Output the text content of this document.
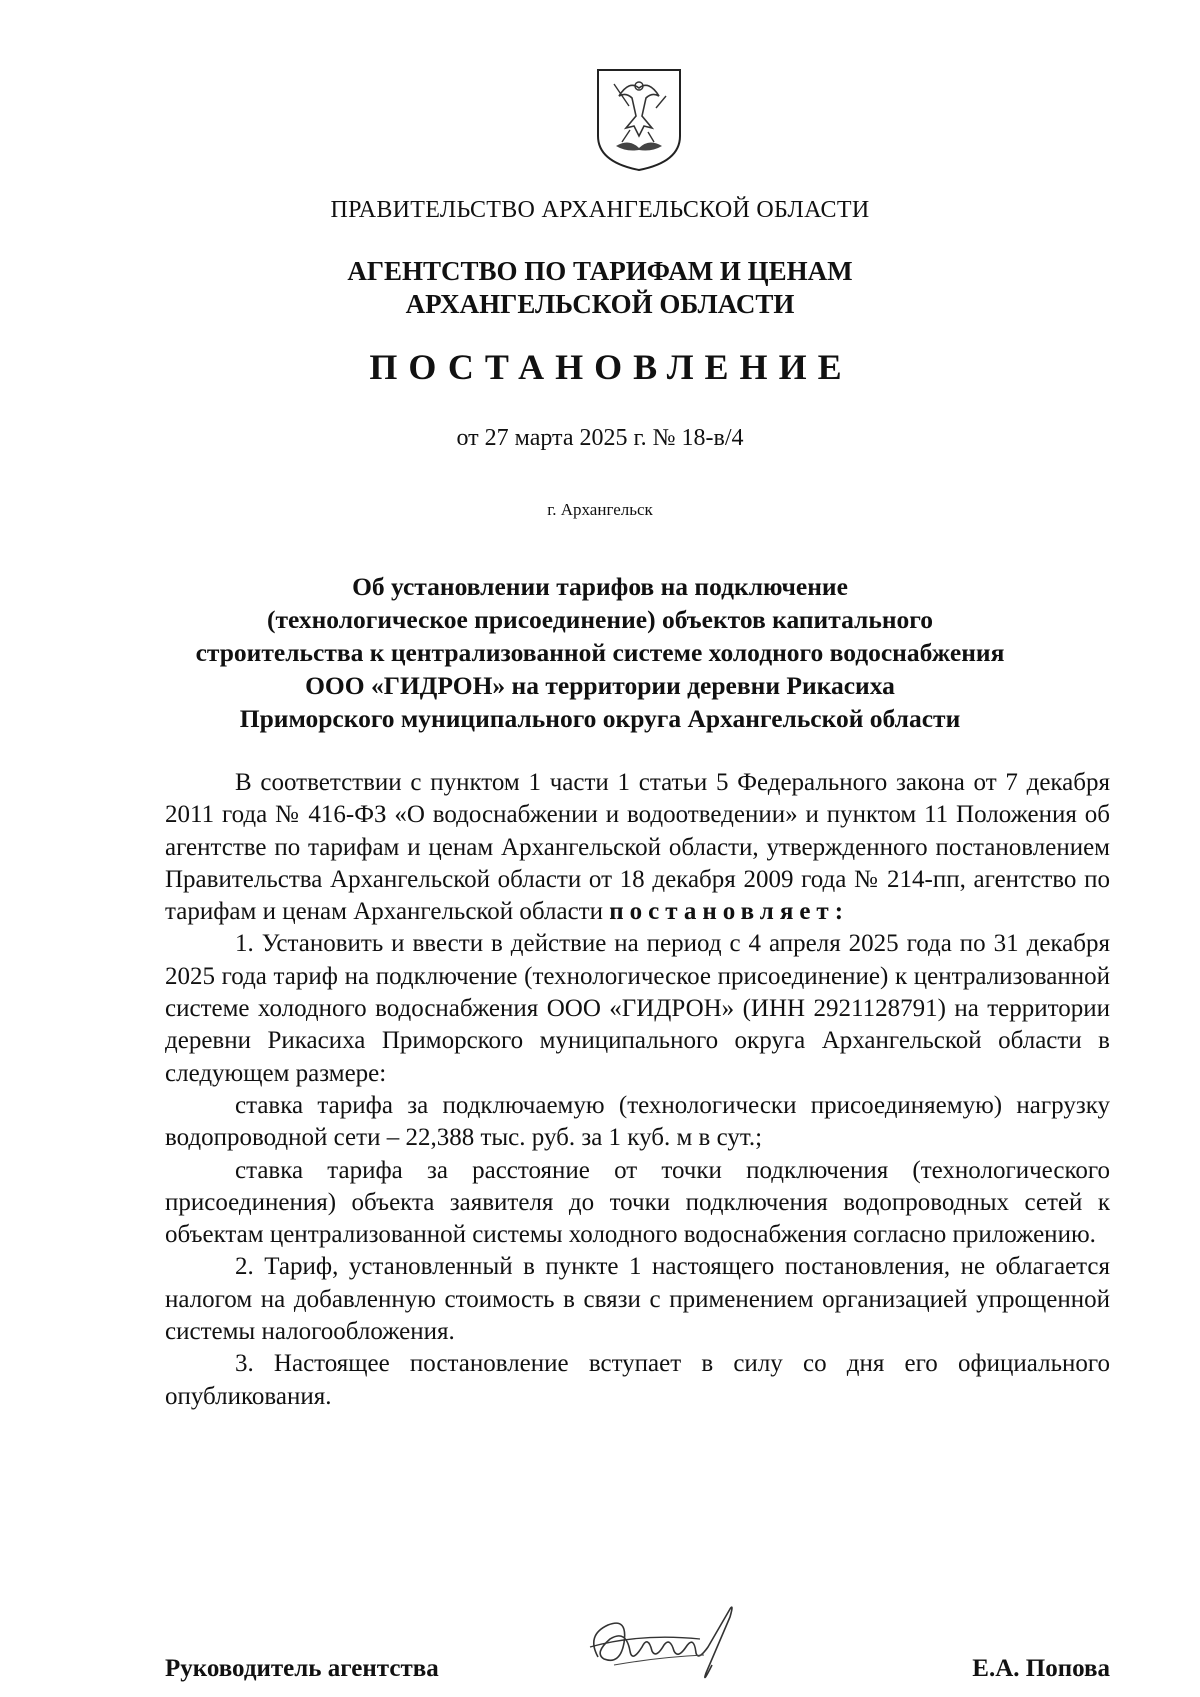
ПРАВИТЕЛЬСТВО АРХАНГЕЛЬСКОЙ ОБЛАСТИ
АГЕНТСТВО ПО ТАРИФАМ И ЦЕНАМ
АРХАНГЕЛЬСКОЙ ОБЛАСТИ
ПОСТАНОВЛЕНИЕ
от 27 марта 2025 г. № 18-в/4
г. Архангельск
Об установлении тарифов на подключение
(технологическое присоединение) объектов капитального
строительства к централизованной системе холодного водоснабжения
ООО «ГИДРОН» на территории деревни Рикасиха
Приморского муниципального округа Архангельской области

В соответствии с пунктом 1 части 1 статьи 5 Федерального закона от 7 декабря 2011 года № 416-ФЗ «О водоснабжении и водоотведении» и пунктом 11 Положения об агентстве по тарифам и ценам Архангельской области, утвержденного постановлением Правительства Архангельской области от 18 декабря 2009 года № 214-пп, агентство по тарифам и ценам Архангельской области постановляет:

1. Установить и ввести в действие на период с 4 апреля 2025 года по 31 декабря 2025 года тариф на подключение (технологическое присоединение) к централизованной системе холодного водоснабжения ООО «ГИДРОН» (ИНН 2921128791) на территории деревни Рикасиха Приморского муниципального округа Архангельской области в следующем размере:

ставка тарифа за подключаемую (технологически присоединяемую) нагрузку водопроводной сети – 22,388 тыс. руб. за 1 куб. м в сут.;

ставка тарифа за расстояние от точки подключения (технологического присоединения) объекта заявителя до точки подключения водопроводных сетей к объектам централизованной системы холодного водоснабжения согласно приложению.

2. Тариф, установленный в пункте 1 настоящего постановления, не облагается налогом на добавленную стоимость в связи с применением организацией упрощенной системы налогообложения.

3. Настоящее постановление вступает в силу со дня его официального опубликования.

Руководитель агентства	Е.А. Попова
